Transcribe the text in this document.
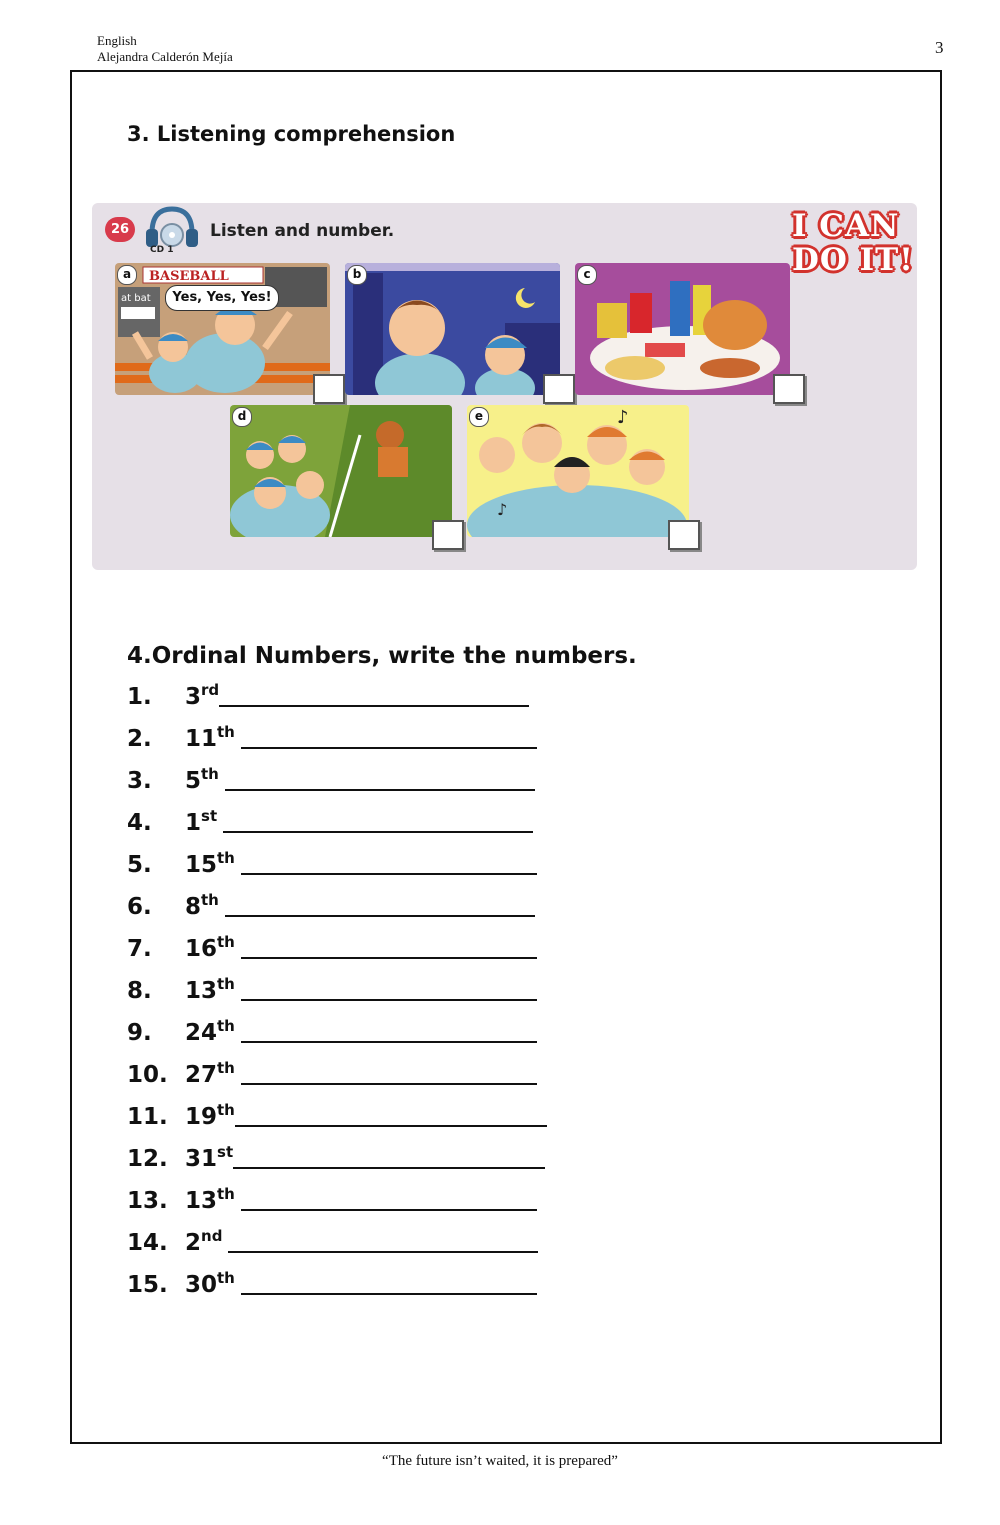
English
Alejandra Calderón Mejía	3
3. Listening comprehension
26
CD 1
Listen and number.	I CAN
DO IT!
BASEBALL
at bat	Yes, Yes, Yes!
a	b	c
d	♪
♪
e
4.Ordinal Numbers, write the numbers.
1. 3rd
2. 11th
3. 5th
4. 1st
5. 15th
6. 8th
7. 16th
8. 13th
9. 24th
10. 27th
11. 19th
12. 31st
13. 13th
14. 2nd
15. 30th
“The future isn’t waited, it is prepared”
